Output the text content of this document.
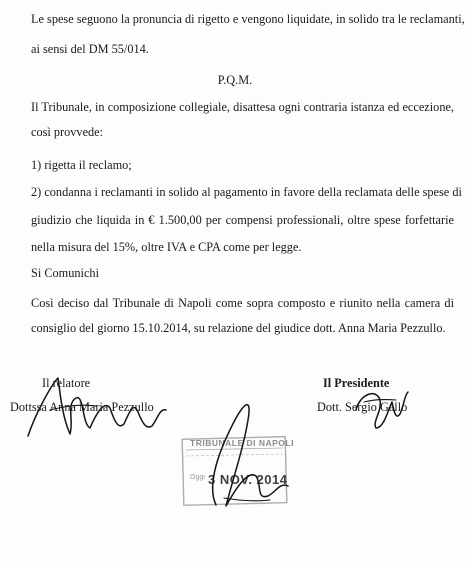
Le spese seguono la pronuncia di rigetto e vengono liquidate, in solido tra le reclamanti,
ai sensi del DM 55/014.
P.Q.M.
Il Tribunale, in composizione collegiale, disattesa ogni contraria istanza ed eccezione,
così provvede:
1) rigetta il reclamo;
2) condanna i reclamanti in solido al pagamento in favore della reclamata delle spese di
giudizio che liquida in € 1.500,00 per compensi professionali, oltre spese forfettarie
nella misura del 15%, oltre IVA e CPA come per legge.
Si Comunichi
Così deciso dal Tribunale di Napoli come sopra composto e riunito nella camera di
consiglio del giorno 15.10.2014, su relazione del giudice dott. Anna Maria Pezzullo.
TRIBUNALE DI NAPOLI
Oggi 3 NOV. 2014
Il relatore
Dottssa Anna Maria Pezzullo
Il Presidente
Dott. Sergio Gallo
